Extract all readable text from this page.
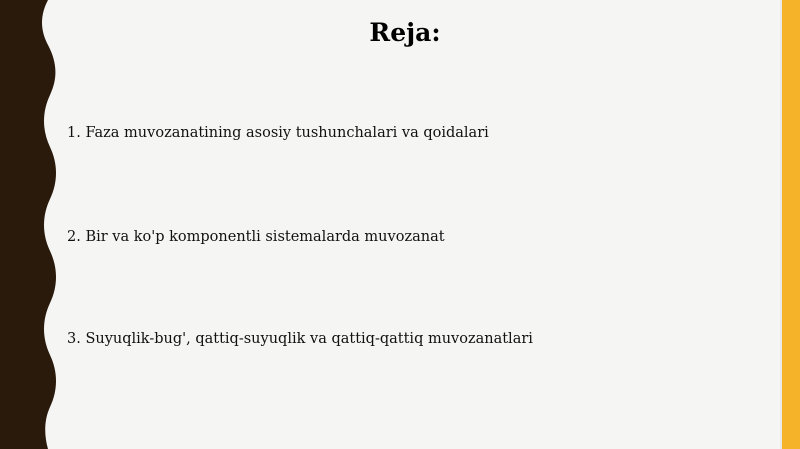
Reja:
1. Faza muvozanatining asosiy tushunchalari va qoidalari
2. Bir va ko'p komponentli sistemalarda muvozanat
3. Suyuqlik-bug', qattiq-suyuqlik va qattiq-qattiq muvozanatlari
